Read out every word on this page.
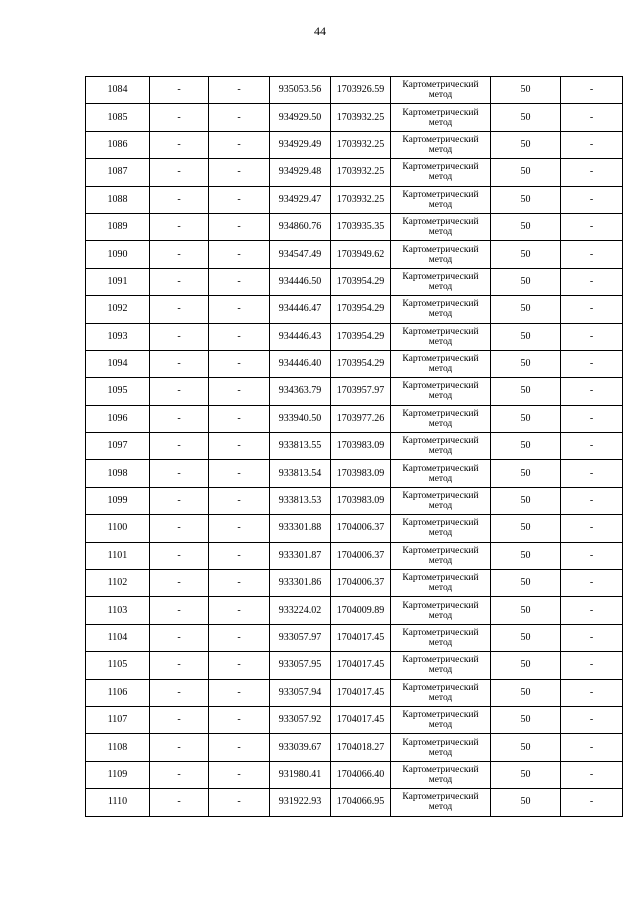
44
1084	-	-	935053.56	1703926.59	Картометрический метод	50	-
1085	-	-	934929.50	1703932.25	Картометрический метод	50	-
1086	-	-	934929.49	1703932.25	Картометрический метод	50	-
1087	-	-	934929.48	1703932.25	Картометрический метод	50	-
1088	-	-	934929.47	1703932.25	Картометрический метод	50	-
1089	-	-	934860.76	1703935.35	Картометрический метод	50	-
1090	-	-	934547.49	1703949.62	Картометрический метод	50	-
1091	-	-	934446.50	1703954.29	Картометрический метод	50	-
1092	-	-	934446.47	1703954.29	Картометрический метод	50	-
1093	-	-	934446.43	1703954.29	Картометрический метод	50	-
1094	-	-	934446.40	1703954.29	Картометрический метод	50	-
1095	-	-	934363.79	1703957.97	Картометрический метод	50	-
1096	-	-	933940.50	1703977.26	Картометрический метод	50	-
1097	-	-	933813.55	1703983.09	Картометрический метод	50	-
1098	-	-	933813.54	1703983.09	Картометрический метод	50	-
1099	-	-	933813.53	1703983.09	Картометрический метод	50	-
1100	-	-	933301.88	1704006.37	Картометрический метод	50	-
1101	-	-	933301.87	1704006.37	Картометрический метод	50	-
1102	-	-	933301.86	1704006.37	Картометрический метод	50	-
1103	-	-	933224.02	1704009.89	Картометрический метод	50	-
1104	-	-	933057.97	1704017.45	Картометрический метод	50	-
1105	-	-	933057.95	1704017.45	Картометрический метод	50	-
1106	-	-	933057.94	1704017.45	Картометрический метод	50	-
1107	-	-	933057.92	1704017.45	Картометрический метод	50	-
1108	-	-	933039.67	1704018.27	Картометрический метод	50	-
1109	-	-	931980.41	1704066.40	Картометрический метод	50	-
1110	-	-	931922.93	1704066.95	Картометрический метод	50	-
